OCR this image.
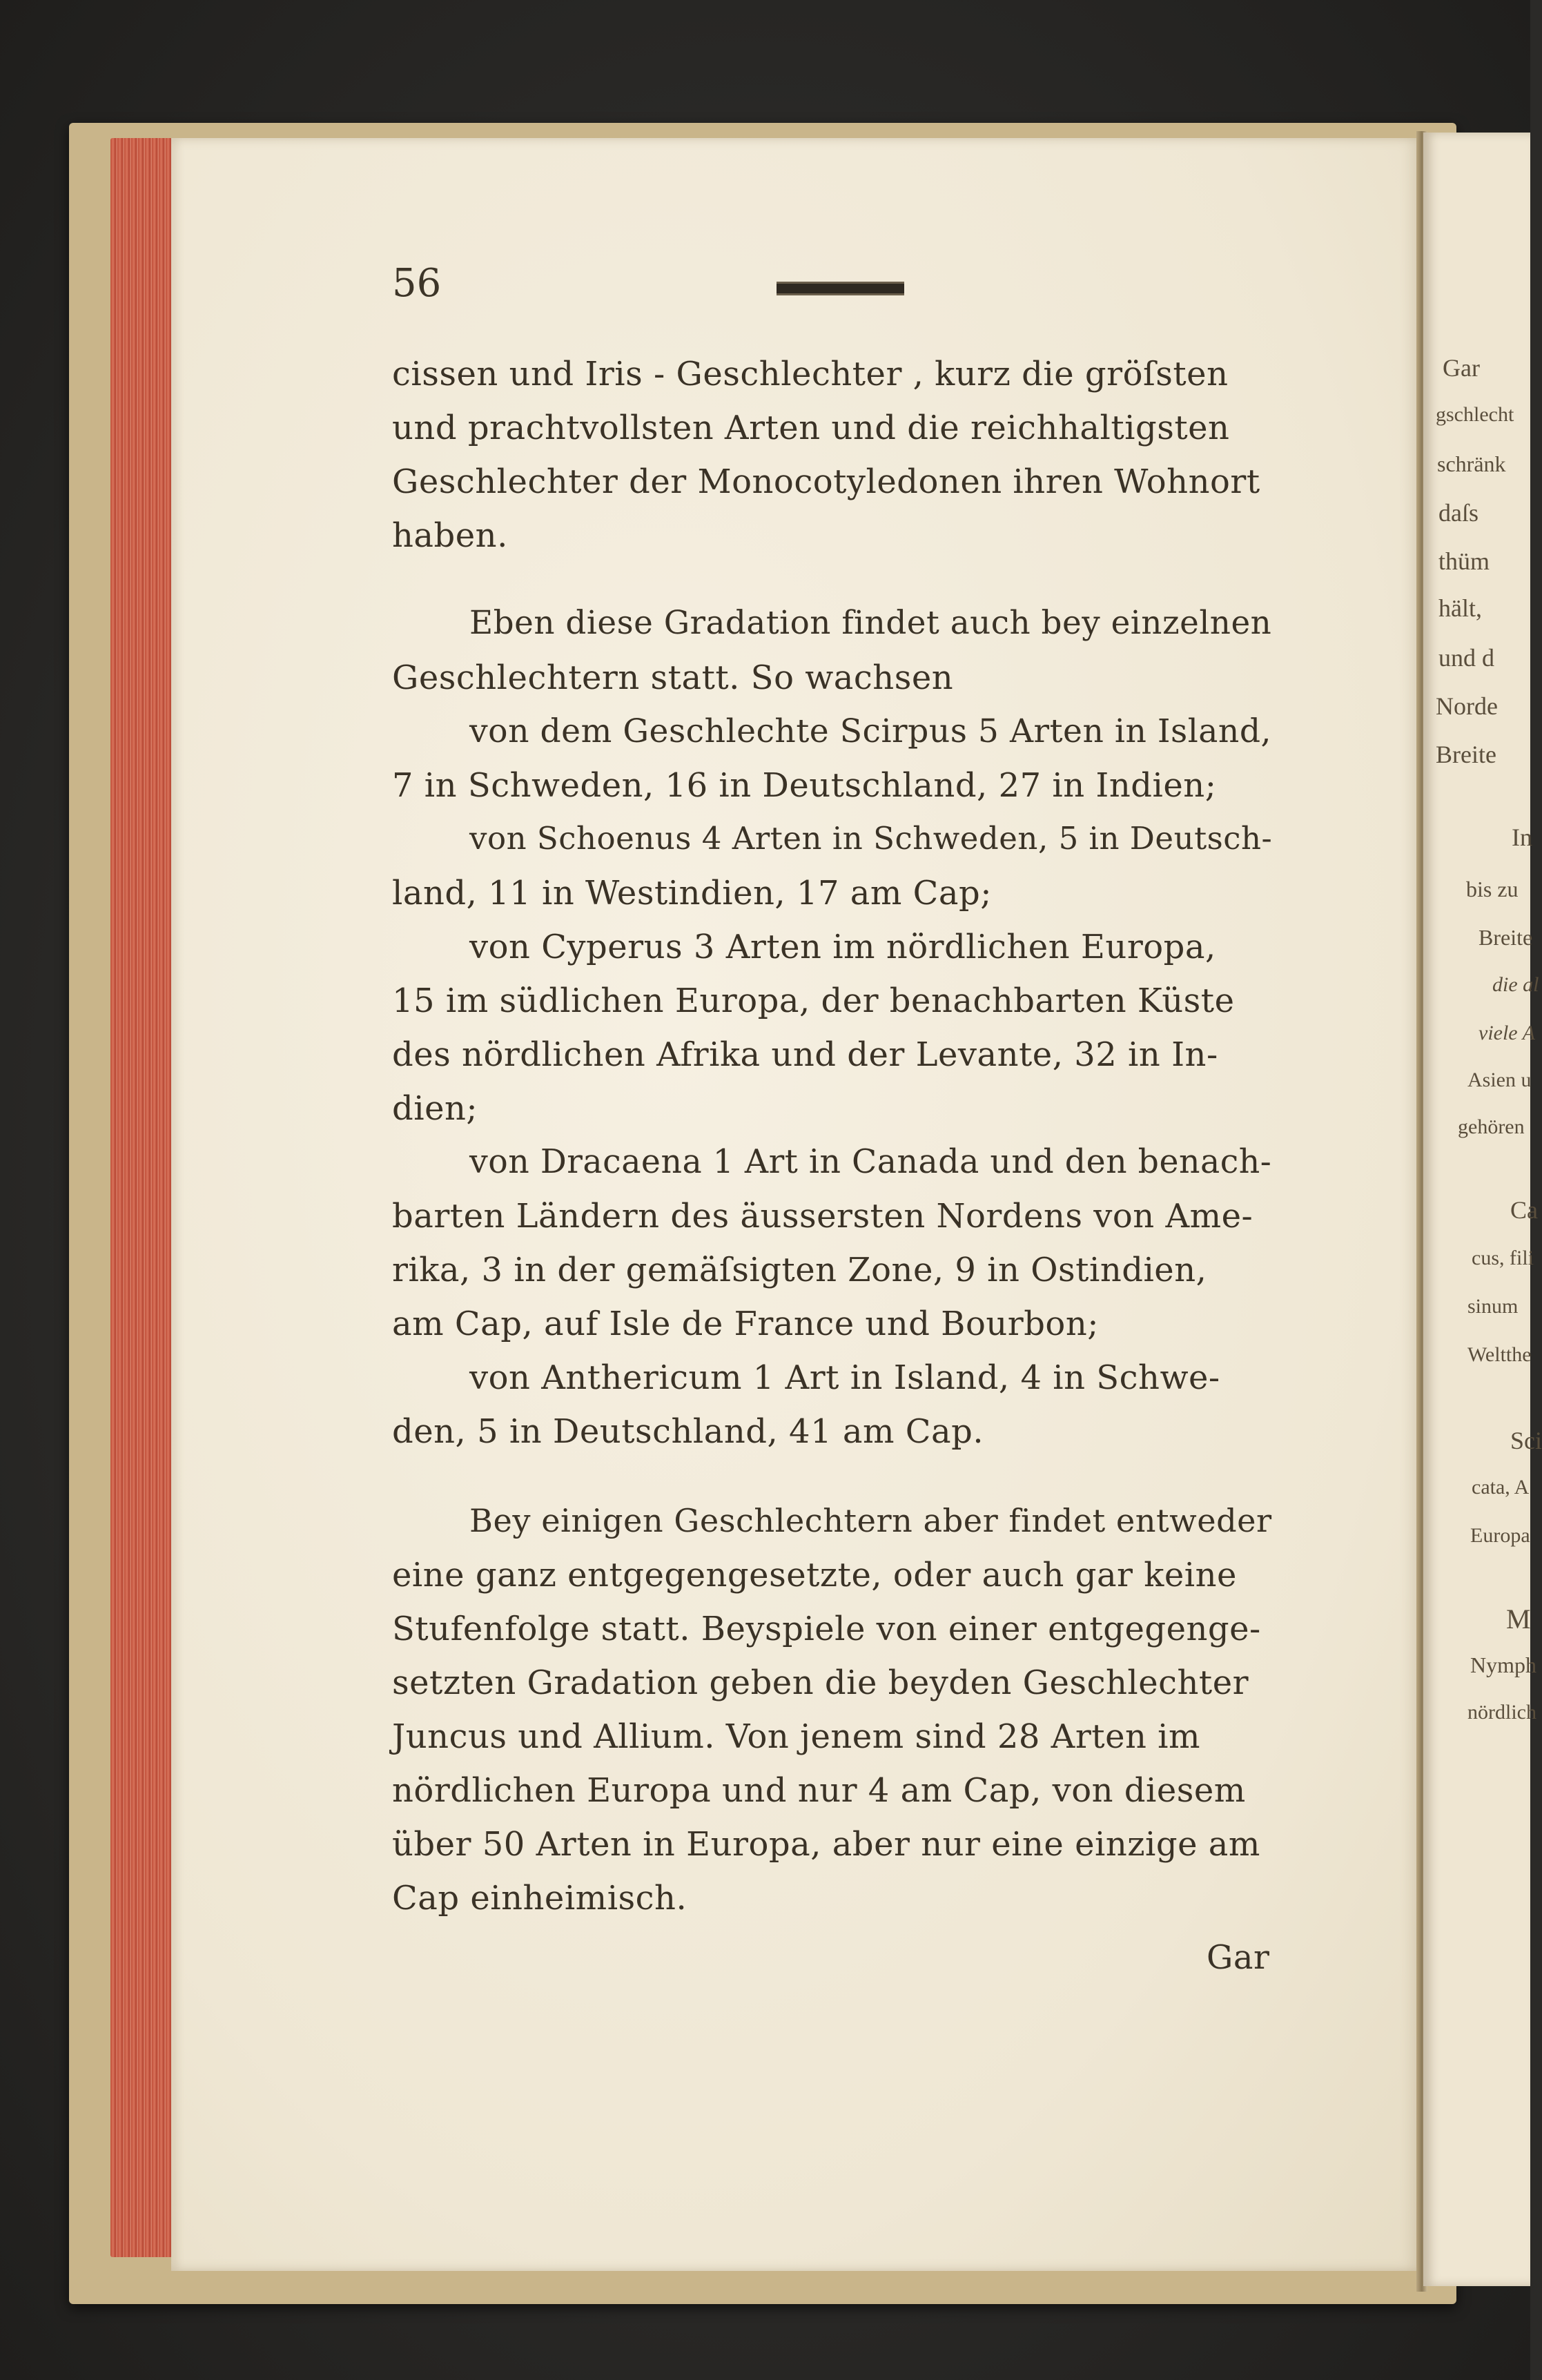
Gar
gschlecht
schränk
daſs
thüm
hält,
und d
Norde
Breite
In
bis zu
Breite
die al
viele A
Asien u
gehören
Ca
cus, fili
sinum
Weltthe
Sci
cata, A
Europa
M
Nymph
nördlich
56
cissen und Iris - Geschlechter , kurz die gröſsten
und prachtvollsten Arten und die reichhaltigsten
Geschlechter der Monocotyledonen ihren Wohnort
haben.
Eben diese Gradation findet auch bey einzelnen
Geschlechtern statt. So wachsen
von dem Geschlechte Scirpus 5 Arten in Island,
7 in Schweden, 16 in Deutschland, 27 in Indien;
von Schoenus 4 Arten in Schweden, 5 in Deutsch-
land, 11 in Westindien, 17 am Cap;
von Cyperus 3 Arten im nördlichen Europa,
15 im südlichen Europa, der benachbarten Küste
des nördlichen Afrika und der Levante, 32 in In-
dien;
von Dracaena 1 Art in Canada und den benach-
barten Ländern des äussersten Nordens von Ame-
rika, 3 in der gemäſsigten Zone, 9 in Ostindien,
am Cap, auf Isle de France und Bourbon;
von Anthericum 1 Art in Island, 4 in Schwe-
den, 5 in Deutschland, 41 am Cap.
Bey einigen Geschlechtern aber findet entweder
eine ganz entgegengesetzte, oder auch gar keine
Stufenfolge statt. Beyspiele von einer entgegenge-
setzten Gradation geben die beyden Geschlechter
Juncus und Allium. Von jenem sind 28 Arten im
nördlichen Europa und nur 4 am Cap, von diesem
über 50 Arten in Europa, aber nur eine einzige am
Cap einheimisch.
Gar
